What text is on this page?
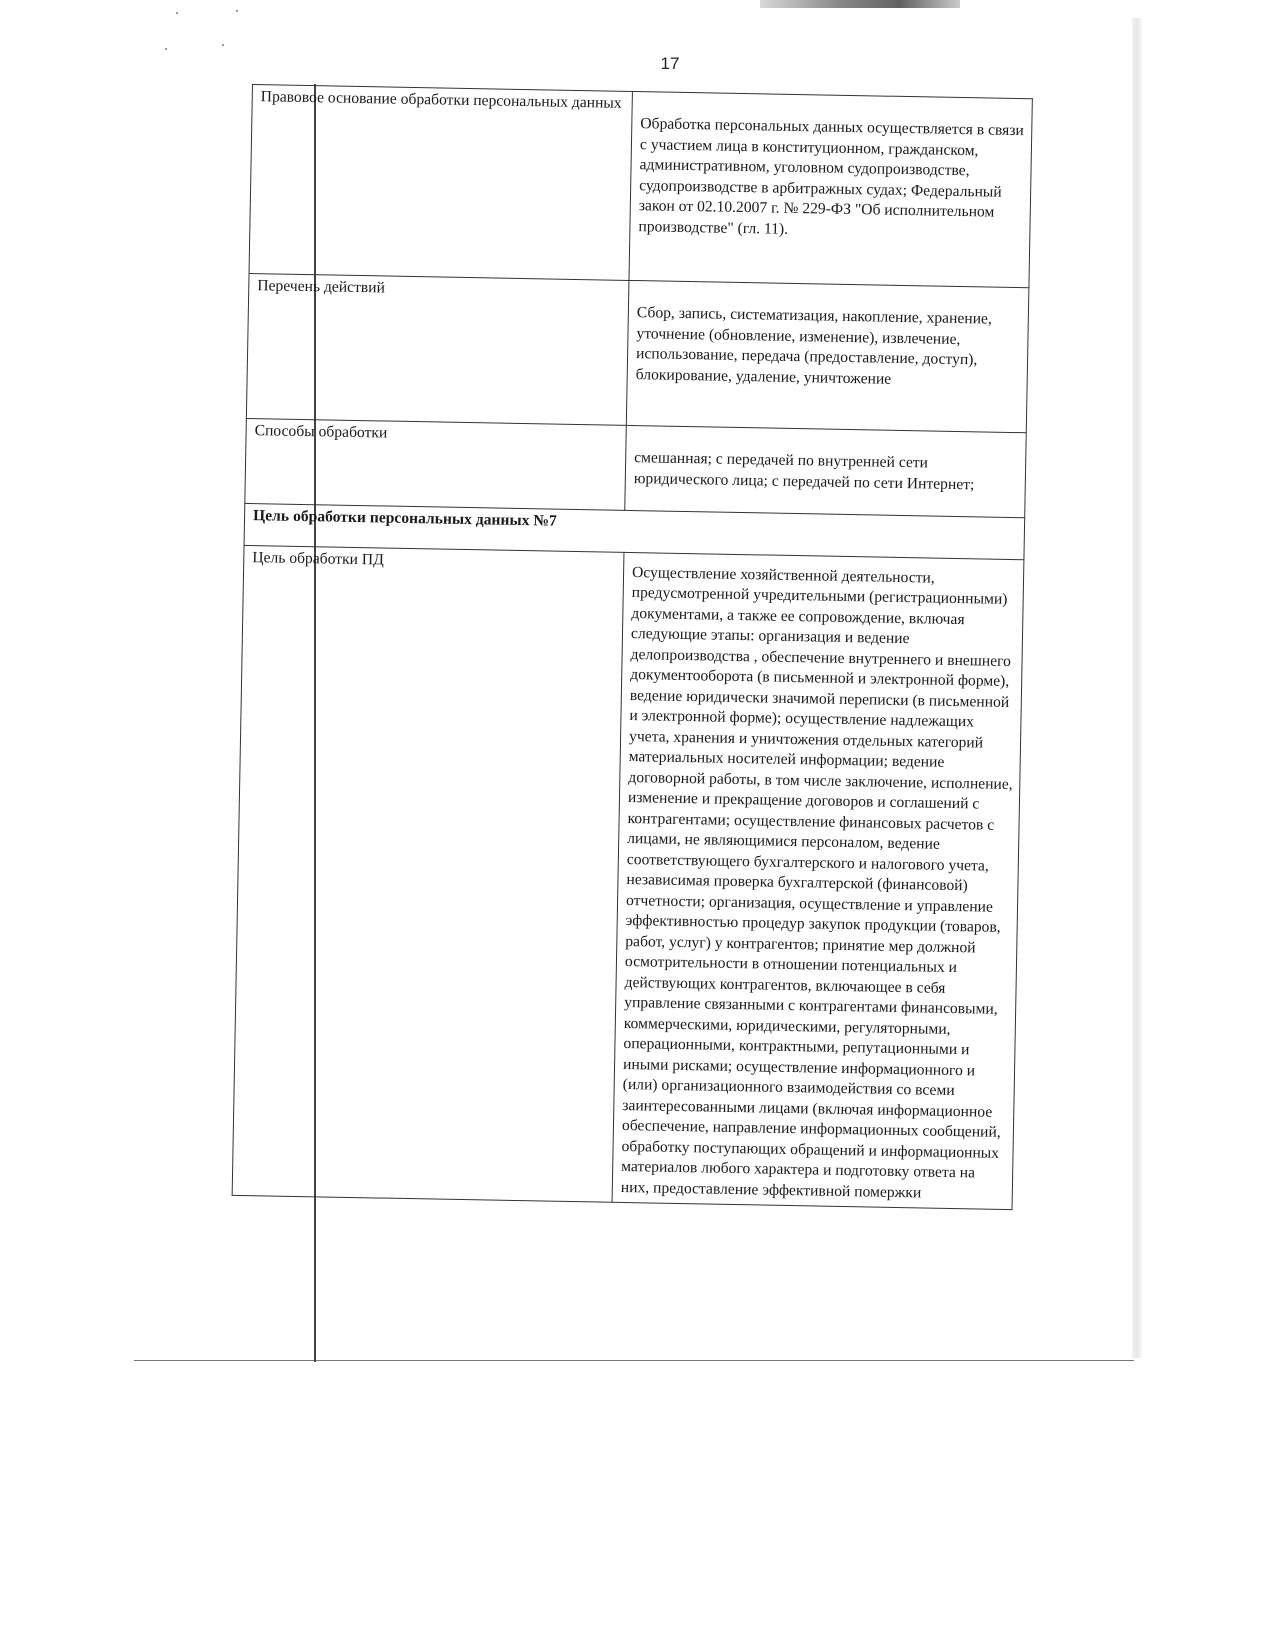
17
Правовое основание обработки персональных данных	Обработка персональных данных осуществляется в связи с участием лица в конституционном, гражданском, административном, уголовном судопроизводстве, судопроизводстве в арбитражных судах; Федеральный закон от 02.10.2007 г. № 229-ФЗ "Об исполнительном производстве" (гл. 11).
Перечень действий	Сбор, запись, систематизация, накопление, хранение, уточнение (обновление, изменение), извлечение, использование, передача (предоставление, доступ), блокирование, удаление, уничтожение
Способы обработки	смешанная; с передачей по внутренней сети юридического лица; с передачей по сети Интернет;
Цель обработки персональных данных №7	
Цель обработки ПД	Осуществление хозяйственной деятельности, предусмотренной учредительными (регистрационными) документами, а также ее сопровождение, включая следующие этапы: организация и ведение делопроизводства , обеспечение внутреннего и внешнего документооборота (в письменной и электронной форме), ведение юридически значимой переписки (в письменной и электронной форме); осуществление надлежащих учета, хранения и уничтожения отдельных категорий материальных носителей информации; ведение договорной работы, в том числе заключение, исполнение, изменение и прекращение договоров и соглашений с контрагентами; осуществление финансовых расчетов с лицами, не являющимися персоналом, ведение соответствующего бухгалтерского и налогового учета, независимая проверка бухгалтерской (финансовой) отчетности; организация, осуществление и управление эффективностью процедур закупок продукции (товаров, работ, услуг) у контрагентов; принятие мер должной осмотрительности в отношении потенциальных и действующих контрагентов, включающее в себя управление связанными с контрагентами финансовыми, коммерческими, юридическими, регуляторными, операционными, контрактными, репутационными и иными рисками; осуществление информационного и (или) организационного взаимодействия со всеми заинтересованными лицами (включая информационное обеспечение, направление информационных сообщений, обработку поступающих обращений и информационных материалов любого характера и подготовку ответа на них, предоставление эффективной помержки
